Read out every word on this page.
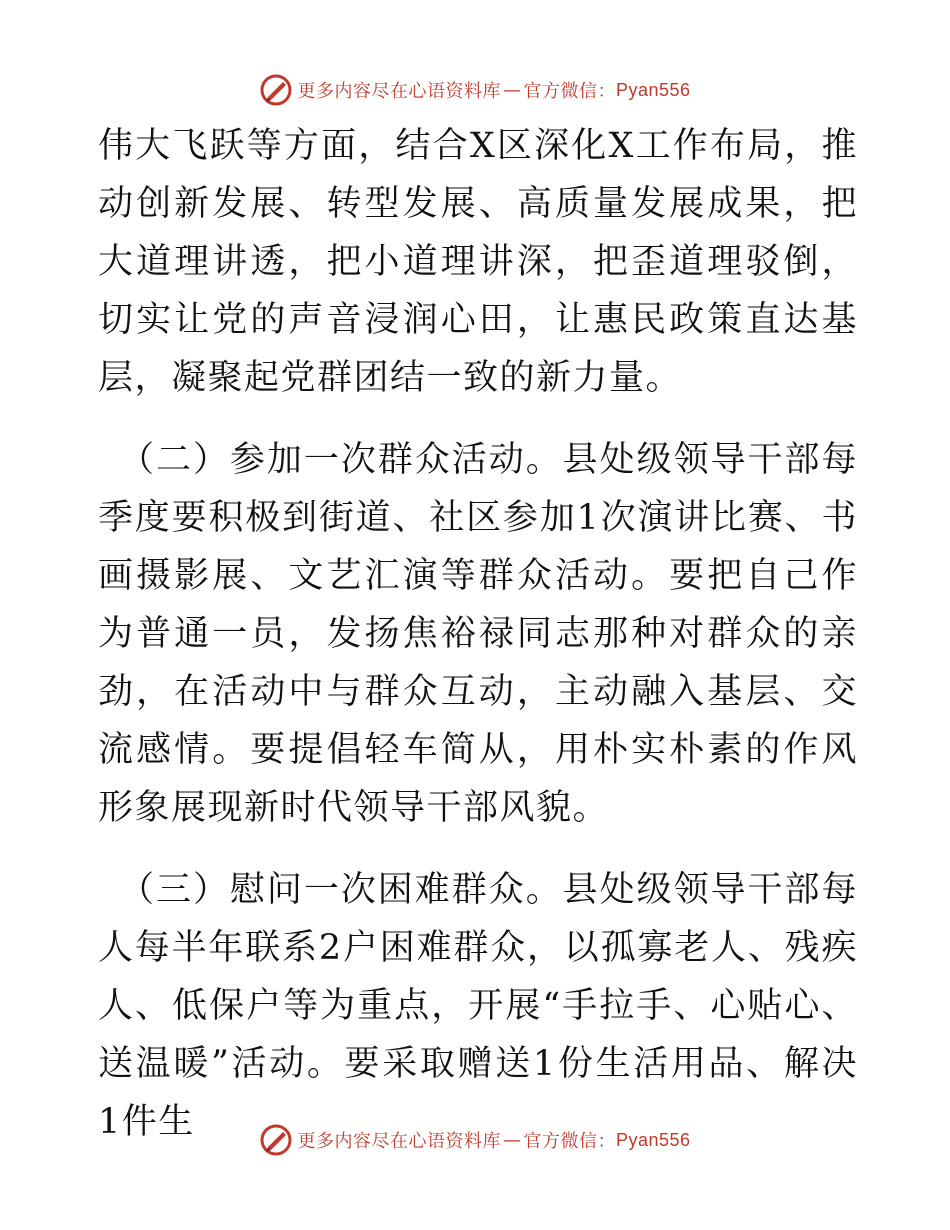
更多内容尽在心语资料库 — 官方微信： Pyan556

伟大飞跃等方面，结合X区深化X工作布局，推动创新发展、转型发展、高质量发展成果，把大道理讲透，把小道理讲深，把歪道理驳倒，切实让党的声音浸润心田，让惠民政策直达基层，凝聚起党群团结一致的新力量。

（二）参加一次群众活动。县处级领导干部每季度要积极到街道、社区参加1次演讲比赛、书画摄影展、文艺汇演等群众活动。要把自己作为普通一员，发扬焦裕禄同志那种对群众的亲劲，在活动中与群众互动，主动融入基层、交流感情。要提倡轻车简从，用朴实朴素的作风形象展现新时代领导干部风貌。

（三）慰问一次困难群众。县处级领导干部每人每半年联系2户困难群众，以孤寡老人、残疾人、低保户等为重点，开展“手拉手、心贴心、送温暖”活动。要采取赠送1份生活用品、解决1件生	更多内容尽在心语资料库 — 官方微信： Pyan556
